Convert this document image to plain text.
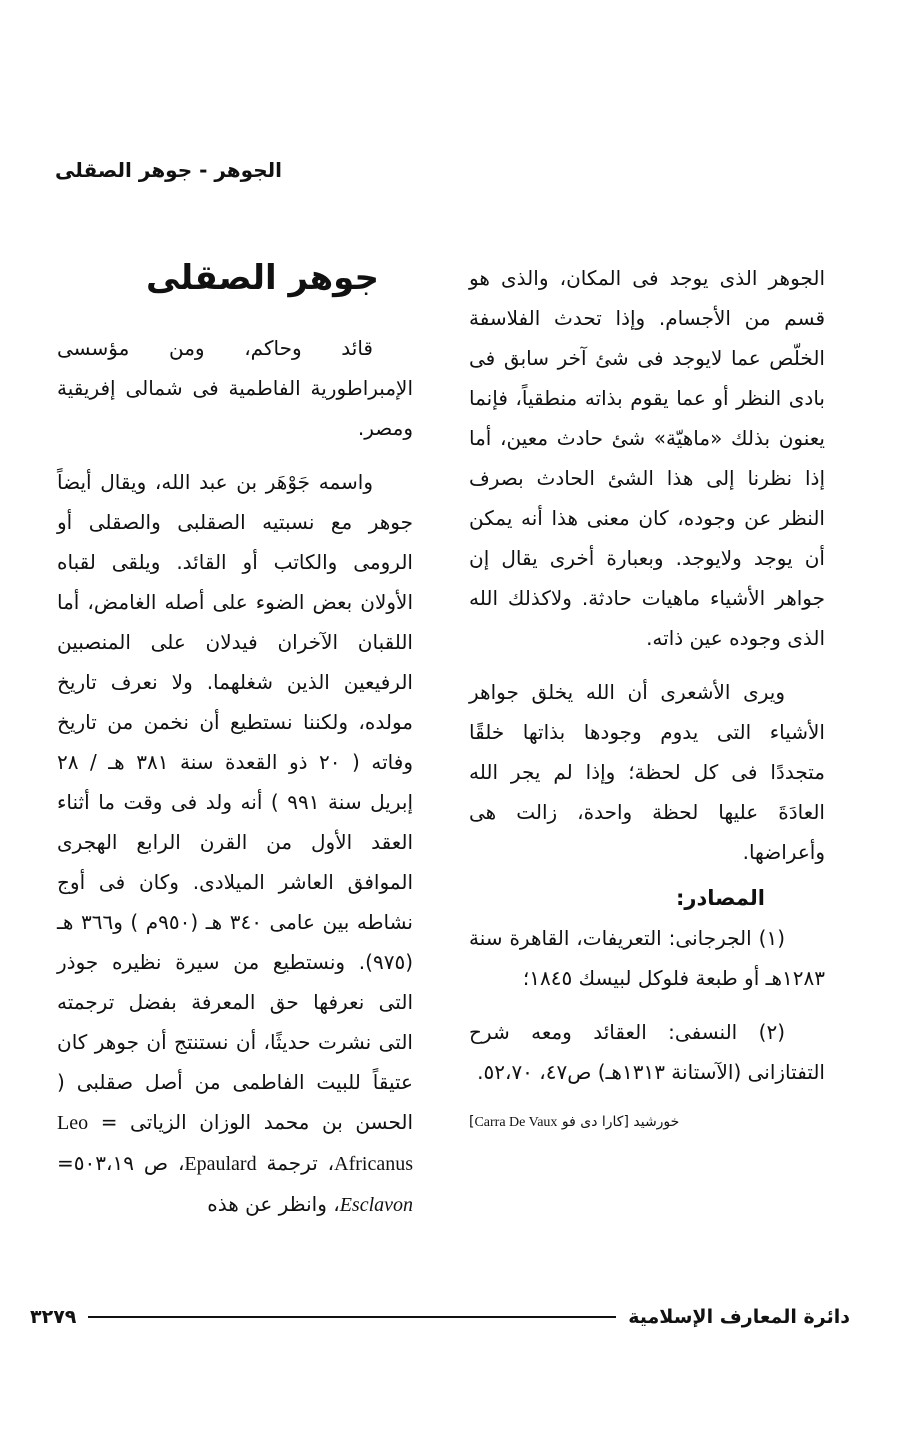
الجوهر - جوهر الصقلى

الجوهر الذى يوجد فى المكان، والذى هو قسم من الأجسام. وإذا تحدث الفلاسفة الخلّص عما لايوجد فى شئ آخر سابق فى بادى النظر أو عما يقوم بذاته منطقياً، فإنما يعنون بذلك «ماهيّة» شئ حادث معين، أما إذا نظرنا إلى هذا الشئ الحادث بصرف النظر عن وجوده، كان معنى هذا أنه يمكن أن يوجد ولايوجد. وبعبارة أخرى يقال إن جواهر الأشياء ماهيات حادثة. ولاكذلك الله الذى وجوده عين ذاته.

ويرى الأشعرى أن الله يخلق جواهر الأشياء التى يدوم وجودها بذاتها خلقًا متجددًا فى كل لحظة؛ وإذا لم يجر الله العادَةَ عليها لحظة واحدة، زالت هى وأعراضها.

المصادر:

(١) الجرجانى: التعريفات، القاهرة سنة ١٢٨٣هـ أو طبعة فلوكل لبيسك ١٨٤٥؛

(٢) النسفى: العقائد ومعه شرح التفتازانى (الآستانة ١٣١٣هـ) ص٤٧، ٥٢،٧٠.

خورشيد [كارا دى فو Carra De Vaux]
جوهر الصقلى

قائد وحاكم، ومن مؤسسى الإمبراطورية الفاطمية فى شمالى إفريقية ومصر.

واسمه جَوْهَر بن عبد الله، ويقال أيضاً جوهر مع نسبتيه الصقلبى والصقلى أو الرومى والكاتب أو القائد. ويلقى لقباه الأولان بعض الضوء على أصله الغامض، أما اللقبان الآخران فيدلان على المنصبين الرفيعين الذين شغلهما. ولا نعرف تاريخ مولده، ولكننا نستطيع أن نخمن من تاريخ وفاته ( ٢٠ ذو القعدة سنة ٣٨١ هـ / ٢٨ إبريل سنة ٩٩١ ) أنه ولد فى وقت ما أثناء العقد الأول من القرن الرابع الهجرى الموافق العاشر الميلادى. وكان فى أوج نشاطه بين عامى ٣٤٠ هـ (٩٥٠م ) و٣٦٦ هـ (٩٧٥). ونستطيع من سيرة نظيره جوذر التى نعرفها حق المعرفة بفضل ترجمته التى نشرت حديثًا، أن نستنتج أن جوهر كان عتيقاً للبيت الفاطمى من أصل صقلبى ( الحسن بن محمد الوزان الزياتى = Leo Africanus، ترجمة Epaulard، ص ٥٠٣،١٩= Esclavon، وانظر عن هذه

دائرة المعارف الإسلامية
٣٢٧٩
